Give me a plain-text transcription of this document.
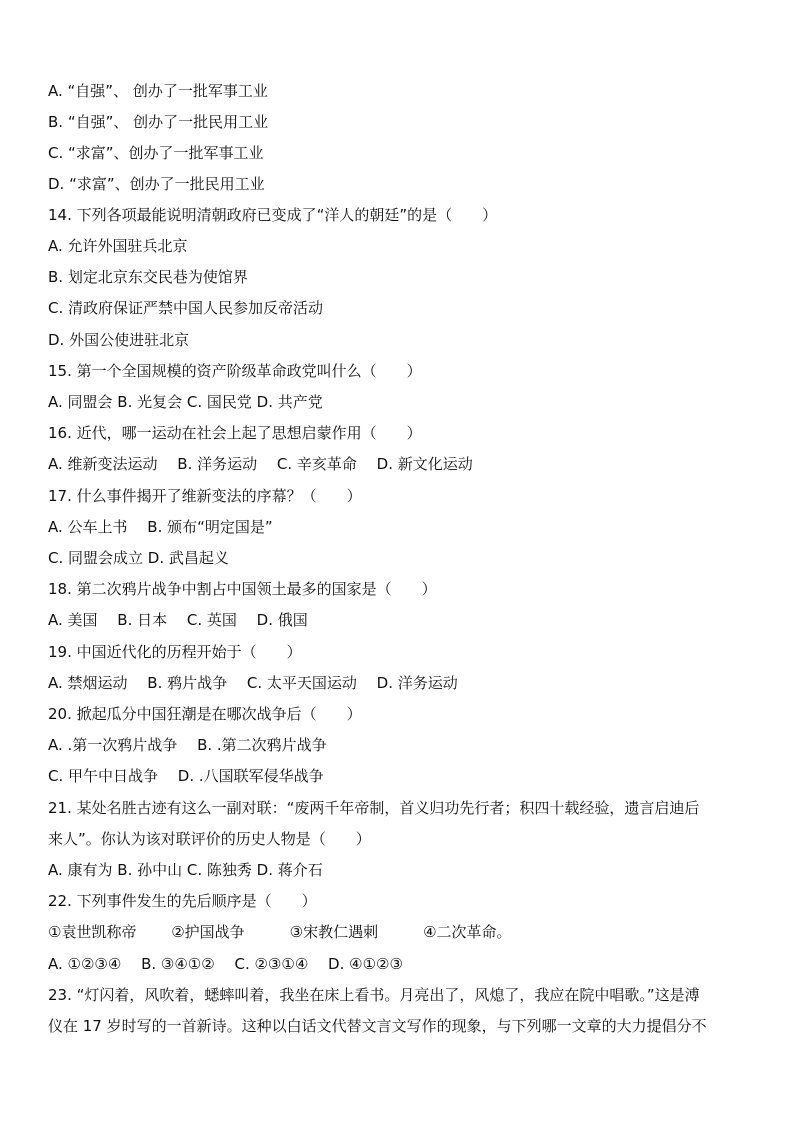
A. “自强”、 创办了一批军事工业
B. “自强”、 创办了一批民用工业
C. “求富”、创办了一批军事工业
D. “求富”、创办了一批民用工业
14. 下列各项最能说明清朝政府已变成了“洋人的朝廷”的是（　　）
A. 允许外国驻兵北京
B. 划定北京东交民巷为使馆界
C. 清政府保证严禁中国人民参加反帝活动
D. 外国公使进驻北京
15. 第一个全国规模的资产阶级革命政党叫什么（　　）
A. 同盟会 B. 光复会 C. 国民党 D. 共产党
16. 近代，哪一运动在社会上起了思想启蒙作用（　　）
A. 维新变法运动　 B. 洋务运动　 C. 辛亥革命　 D. 新文化运动
17. 什么事件揭开了维新变法的序幕？（　　）
A. 公车上书　 B. 颁布“明定国是”
C. 同盟会成立 D. 武昌起义
18. 第二次鸦片战争中割占中国领土最多的国家是（　　）
A. 美国　 B. 日本　 C. 英国　 D. 俄国
19. 中国近代化的历程开始于（　　）
A. 禁烟运动　 B. 鸦片战争　 C. 太平天国运动　 D. 洋务运动
20. 掀起瓜分中国狂潮是在哪次战争后（　　）
A. .第一次鸦片战争　 B. .第二次鸦片战争
C. 甲午中日战争　 D. .八国联军侵华战争
21. 某处名胜古迹有这么一副对联：“废两千年帝制，首义归功先行者；积四十载经验，遗言启迪后
来人”。你认为该对联评价的历史人物是（　　）
A. 康有为 B. 孙中山 C. 陈独秀 D. 蒋介石
22. 下列事件发生的先后顺序是（　　）
①袁世凯称帝　　 ②护国战争　　　③宋教仁遇刺　　　④二次革命。
A. ①②③④　 B. ③④①②　 C. ②③①④　 D. ④①②③
23. “灯闪着，风吹着，蟋蟀叫着，我坐在床上看书。月亮出了，风熄了，我应在院中唱歌。”这是溥
仪在 17 岁时写的一首新诗。这种以白话文代替文言文写作的现象，与下列哪一文章的大力提倡分不
